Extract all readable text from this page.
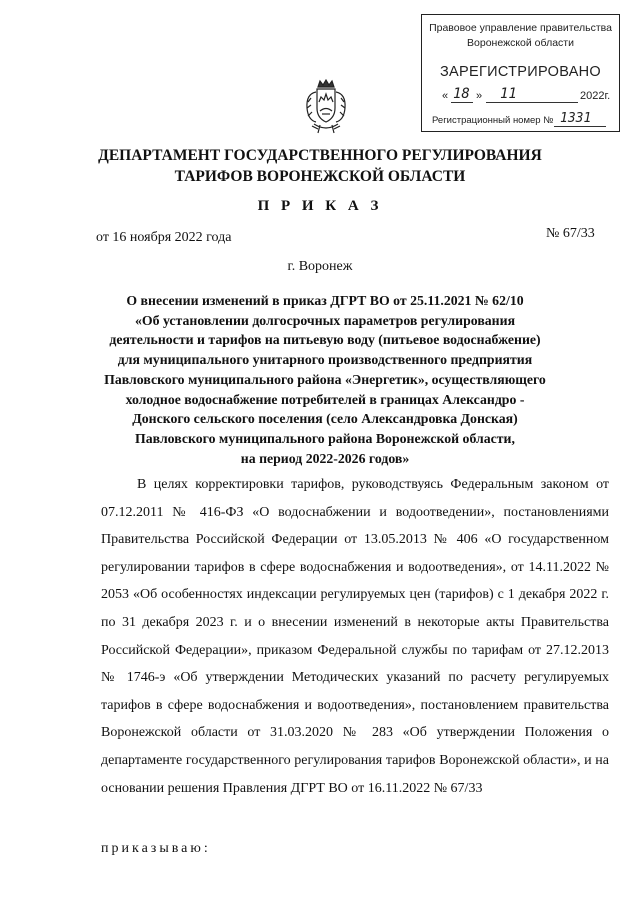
Правовое управление правительства
Воронежской области
ЗАРЕГИСТРИРОВАНО
« 18 » 11	2022г.
Регистрационный номер № 1331
ДЕПАРТАМЕНТ ГОСУДАРСТВЕННОГО РЕГУЛИРОВАНИЯ
ТАРИФОВ ВОРОНЕЖСКОЙ ОБЛАСТИ
П Р И К А З
от 16 ноября 2022 года	№ 67/33
г. Воронеж
О внесении изменений в приказ ДГРТ ВО от 25.11.2021 № 62/10
«Об установлении долгосрочных параметров регулирования
деятельности и тарифов на питьевую воду (питьевое водоснабжение)
для муниципального унитарного производственного предприятия
Павловского муниципального района «Энергетик», осуществляющего
холодное водоснабжение потребителей в границах Александро -
Донского сельского поселения (село Александровка Донская)
Павловского муниципального района Воронежской области,
на период 2022-2026 годов»
В целях корректировки тарифов, руководствуясь Федеральным законом от 07.12.2011 № 416-ФЗ «О водоснабжении и водоотведении», постановлениями Правительства Российской Федерации от 13.05.2013 № 406 «О государственном регулировании тарифов в сфере водоснабжения и водоотведения», от 14.11.2022 № 2053 «Об особенностях индексации регулируемых цен (тарифов) с 1 декабря 2022 г. по 31 декабря 2023 г. и о внесении изменений в некоторые акты Правительства Российской Федерации», приказом Федеральной службы по тарифам от 27.12.2013 № 1746-э «Об утверждении Методических указаний по расчету регулируемых тарифов в сфере водоснабжения и водоотведения», постановлением правительства Воронежской области от 31.03.2020 № 283 «Об утверждении Положения о департаменте государственного регулирования тарифов Воронежской области», и на основании решения Правления ДГРТ ВО от 16.11.2022 № 67/33
приказываю:
